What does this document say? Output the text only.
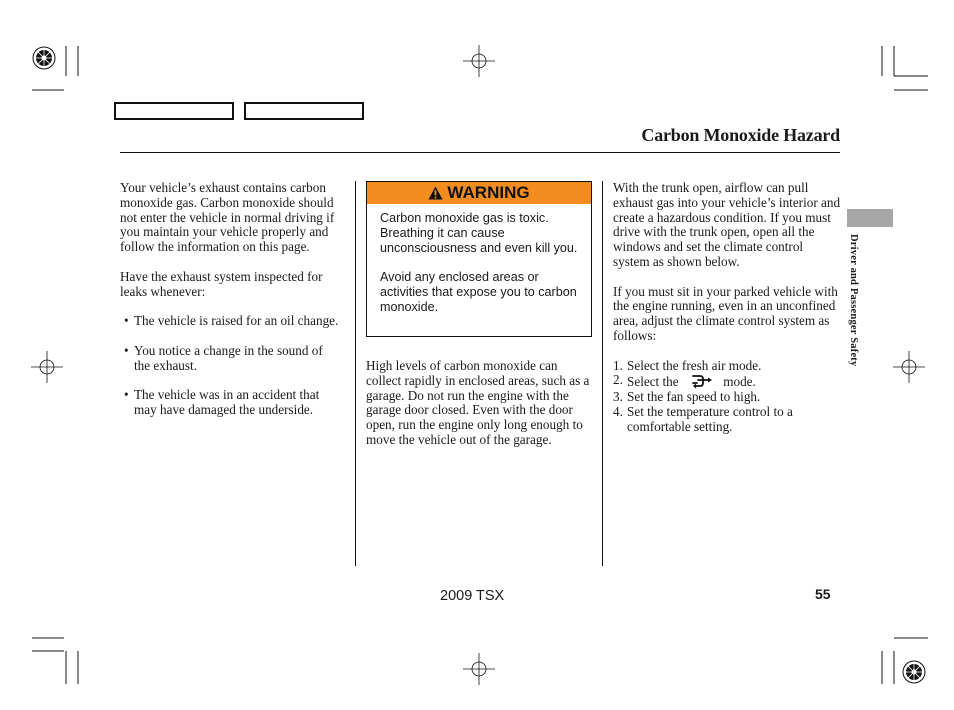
Carbon Monoxide Hazard

Your vehicle’s exhaust contains carbon monoxide gas. Carbon monoxide should not enter the vehicle in normal driving if you maintain your vehicle properly and follow the information on this page.

Have the exhaust system inspected for leaks whenever:

• The vehicle is raised for an oil change.
• You notice a change in the sound of the exhaust.
• The vehicle was in an accident that may have damaged the underside.
WARNING

Carbon monoxide gas is toxic. Breathing it can cause unconsciousness and even kill you.

Avoid any enclosed areas or activities that expose you to carbon monoxide.

High levels of carbon monoxide can collect rapidly in enclosed areas, such as a garage. Do not run the engine with the garage door closed. Even with the door open, run the engine only long enough to move the vehicle out of the garage.

With the trunk open, airflow can pull exhaust gas into your vehicle’s interior and create a hazardous condition. If you must drive with the trunk open, open all the windows and set the climate control system as shown below.

If you must sit in your parked vehicle with the engine running, even in an unconfined area, adjust the climate control system as follows:

1. Select the fresh air mode.
2. Select the	mode.
3. Set the fan speed to high.
4. Set the temperature control to a comfortable setting.
Driver and Passenger Safety
2009 TSX	55
